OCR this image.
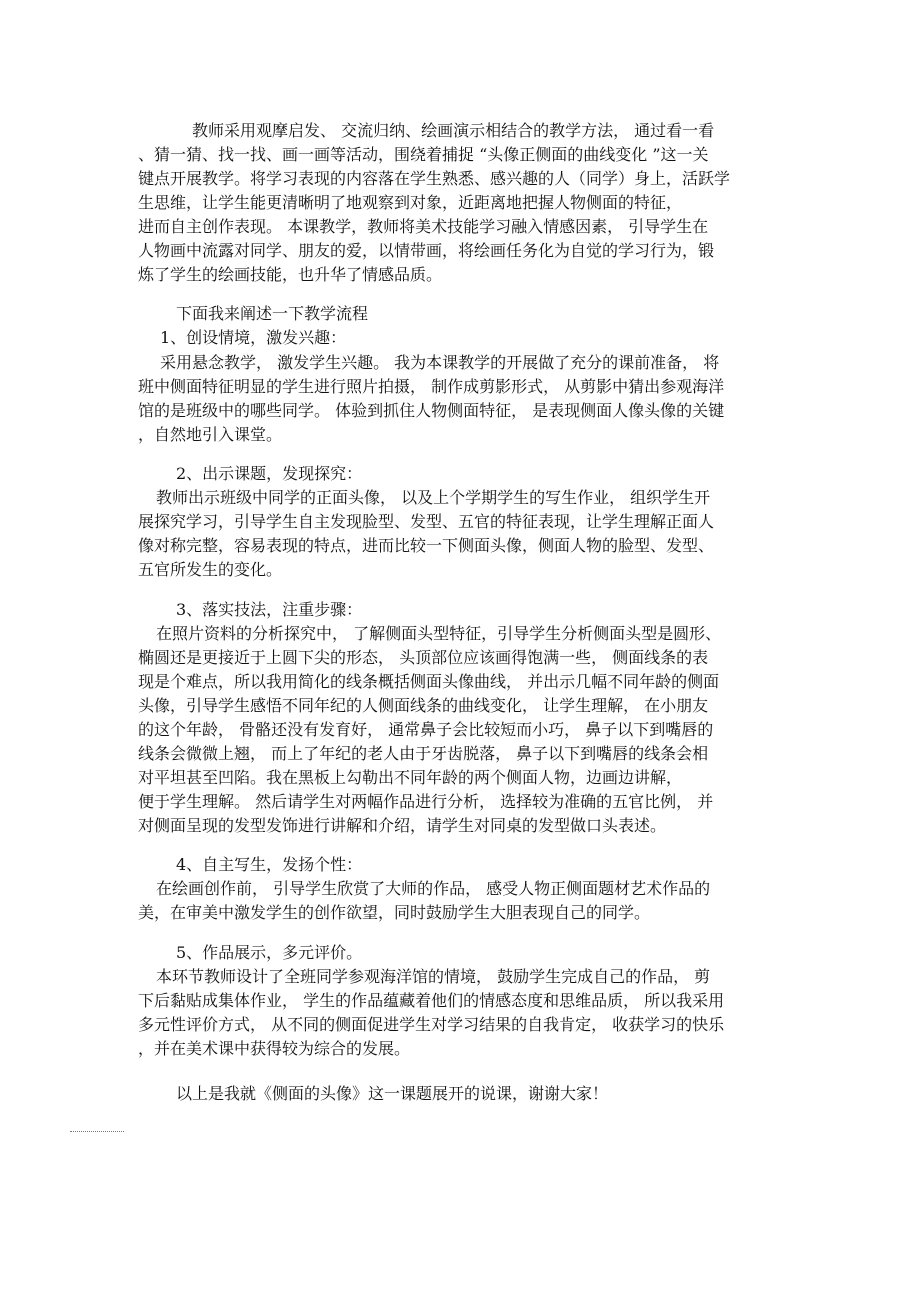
教师采用观摩启发、 交流归纳、绘画演示相结合的教学方法， 通过看一看

、猜一猜、找一找、画一画等活动，围绕着捕捉 “头像正侧面的曲线变化 ”这一关

键点开展教学。将学习表现的内容落在学生熟悉、感兴趣的人（同学）身上，活跃学

生思维，让学生能更清晰明了地观察到对象，近距离地把握人物侧面的特征，

进而自主创作表现。 本课教学，教师将美术技能学习融入情感因素， 引导学生在

人物画中流露对同学、朋友的爱，以情带画，将绘画任务化为自觉的学习行为，锻

炼了学生的绘画技能，也升华了情感品质。

下面我来阐述一下教学流程

1、创设情境，激发兴趣：

采用悬念教学， 激发学生兴趣。 我为本课教学的开展做了充分的课前准备， 将

班中侧面特征明显的学生进行照片拍摄， 制作成剪影形式， 从剪影中猜出参观海洋

馆的是班级中的哪些同学。 体验到抓住人物侧面特征， 是表现侧面人像头像的关键

，自然地引入课堂。

2、出示课题，发现探究：

教师出示班级中同学的正面头像， 以及上个学期学生的写生作业， 组织学生开

展探究学习，引导学生自主发现脸型、发型、五官的特征表现，让学生理解正面人

像对称完整，容易表现的特点，进而比较一下侧面头像，侧面人物的脸型、发型、

五官所发生的变化。

3、落实技法，注重步骤：

在照片资料的分析探究中， 了解侧面头型特征，引导学生分析侧面头型是圆形、

椭圆还是更接近于上圆下尖的形态， 头顶部位应该画得饱满一些， 侧面线条的表

现是个难点，所以我用简化的线条概括侧面头像曲线， 并出示几幅不同年龄的侧面

头像，引导学生感悟不同年纪的人侧面线条的曲线变化， 让学生理解， 在小朋友

的这个年龄， 骨骼还没有发育好， 通常鼻子会比较短而小巧， 鼻子以下到嘴唇的

线条会微微上翘， 而上了年纪的老人由于牙齿脱落， 鼻子以下到嘴唇的线条会相

对平坦甚至凹陷。我在黑板上勾勒出不同年龄的两个侧面人物，边画边讲解，

便于学生理解。 然后请学生对两幅作品进行分析， 选择较为准确的五官比例， 并

对侧面呈现的发型发饰进行讲解和介绍，请学生对同桌的发型做口头表述。

4、自主写生，发扬个性：

在绘画创作前， 引导学生欣赏了大师的作品， 感受人物正侧面题材艺术作品的

美，在审美中激发学生的创作欲望，同时鼓励学生大胆表现自己的同学。

5、作品展示，多元评价。

本环节教师设计了全班同学参观海洋馆的情境， 鼓励学生完成自己的作品， 剪

下后黏贴成集体作业， 学生的作品蕴藏着他们的情感态度和思维品质， 所以我采用

多元性评价方式， 从不同的侧面促进学生对学习结果的自我肯定， 收获学习的快乐

，并在美术课中获得较为综合的发展。

以上是我就《侧面的头像》这一课题展开的说课，谢谢大家！
